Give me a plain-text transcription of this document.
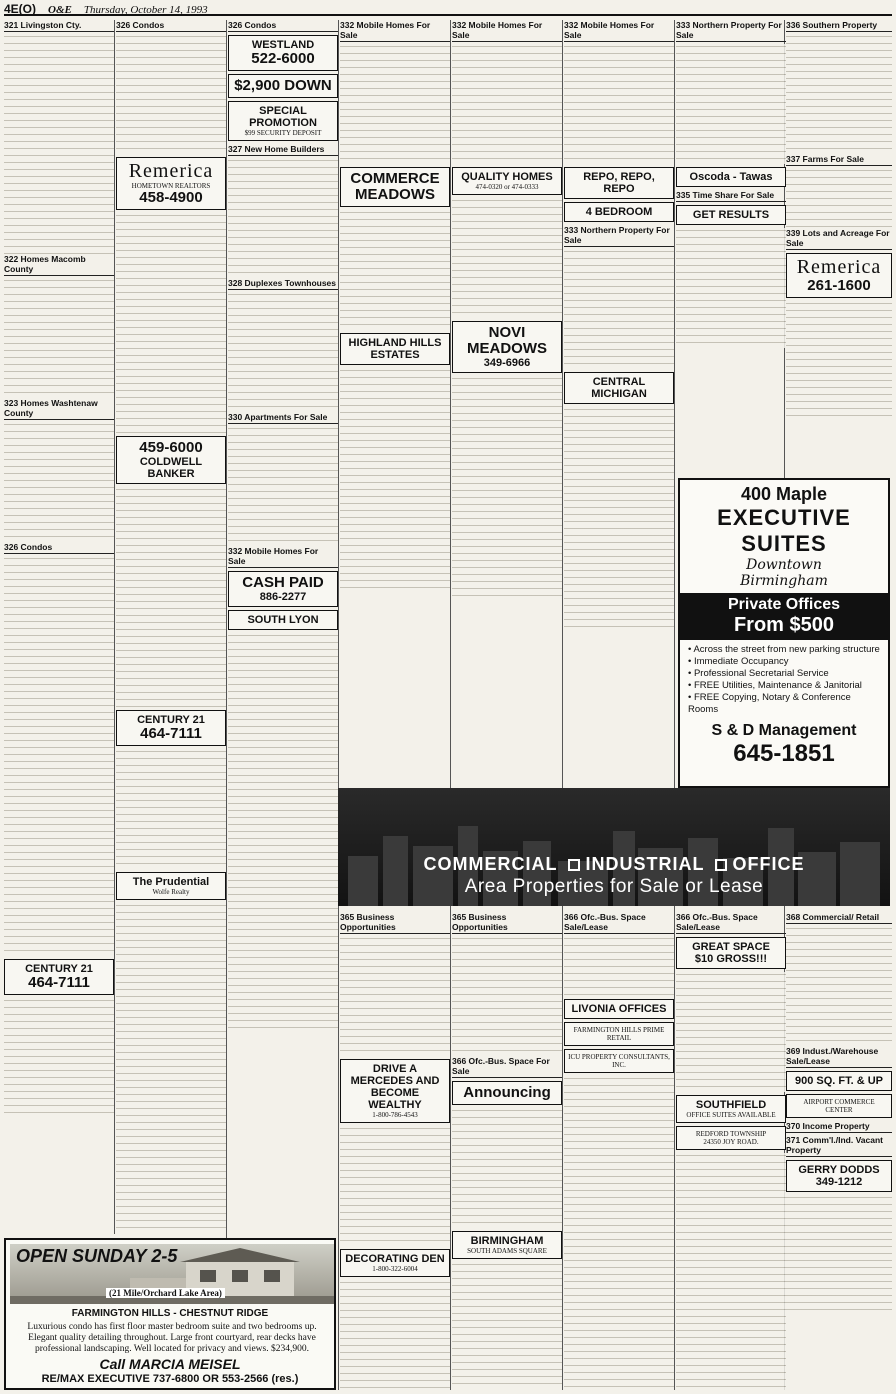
4E(O) O&E Thursday, October 14, 1993
321 Livingston Cty.
322 Homes Macomb County
323 Homes Washtenaw County
326 Condos
CENTURY 21
464-7111
326 Condos
Remerica
HOMETOWN REALTORS
458-4900
459-6000
COLDWELL BANKER
CENTURY 21
464-7111
The Prudential
Wolfe Realty
326 Condos
WESTLAND
522-6000
$2,900 DOWN
SPECIAL PROMOTION
$99 SECURITY DEPOSIT
327 New Home Builders
328 Duplexes Townhouses
330 Apartments For Sale
332 Mobile Homes For Sale
CASH PAID
886-2277
SOUTH LYON
332 Mobile Homes For Sale
COMMERCE MEADOWS
HIGHLAND HILLS ESTATES
332 Mobile Homes For Sale
QUALITY HOMES
474-0320 or 474-0333
NOVI MEADOWS
349-6966
332 Mobile Homes For Sale
REPO, REPO, REPO
4 BEDROOM
333 Northern Property For Sale
CENTRAL MICHIGAN
333 Northern Property For Sale
Oscoda - Tawas
335 Time Share For Sale
GET RESULTS
336 Southern Property
337 Farms For Sale
339 Lots and Acreage For Sale
Remerica
261-1600
400 Maple
EXECUTIVE SUITES
Downtown
Birmingham
Private Offices
From $500
• Across the street from new parking structure
• Immediate Occupancy
• Professional Secretarial Service
• FREE Utilities, Maintenance & Janitorial
• FREE Copying, Notary & Conference Rooms
S & D Management
645-1851
COMMERCIAL INDUSTRIAL OFFICE
Area Properties for Sale or Lease
365 Business Opportunities
DRIVE A MERCEDES AND BECOME WEALTHY
1-800-786-4543
DECORATING DEN
1-800-322-6004
365 Business Opportunities
366 Ofc.-Bus. Space For Sale
Announcing
BIRMINGHAM
SOUTH ADAMS SQUARE
366 Ofc.-Bus. Space Sale/Lease
LIVONIA OFFICES
FARMINGTON HILLS PRIME RETAIL
ICU PROPERTY CONSULTANTS, INC.
366 Ofc.-Bus. Space Sale/Lease
GREAT SPACE
$10 GROSS!!!
SOUTHFIELD
OFFICE SUITES AVAILABLE
REDFORD TOWNSHIP
24350 JOY ROAD.
368 Commercial/ Retail
369 Indust./Warehouse Sale/Lease
900 SQ. FT. & UP
AIRPORT COMMERCE CENTER
370 Income Property
371 Comm'l./Ind. Vacant Property
GERRY DODDS
349-1212
OPEN SUNDAY 2-5
(21 Mile/Orchard Lake Area)
FARMINGTON HILLS - CHESTNUT RIDGE
Luxurious condo has first floor master bedroom suite and two bedrooms up. Elegant quality detailing throughout. Large front courtyard, rear decks have professional landscaping. Well located for privacy and views. $234,900.
Call MARCIA MEISEL
RE/MAX EXECUTIVE 737-6800 OR 553-2566 (res.)
